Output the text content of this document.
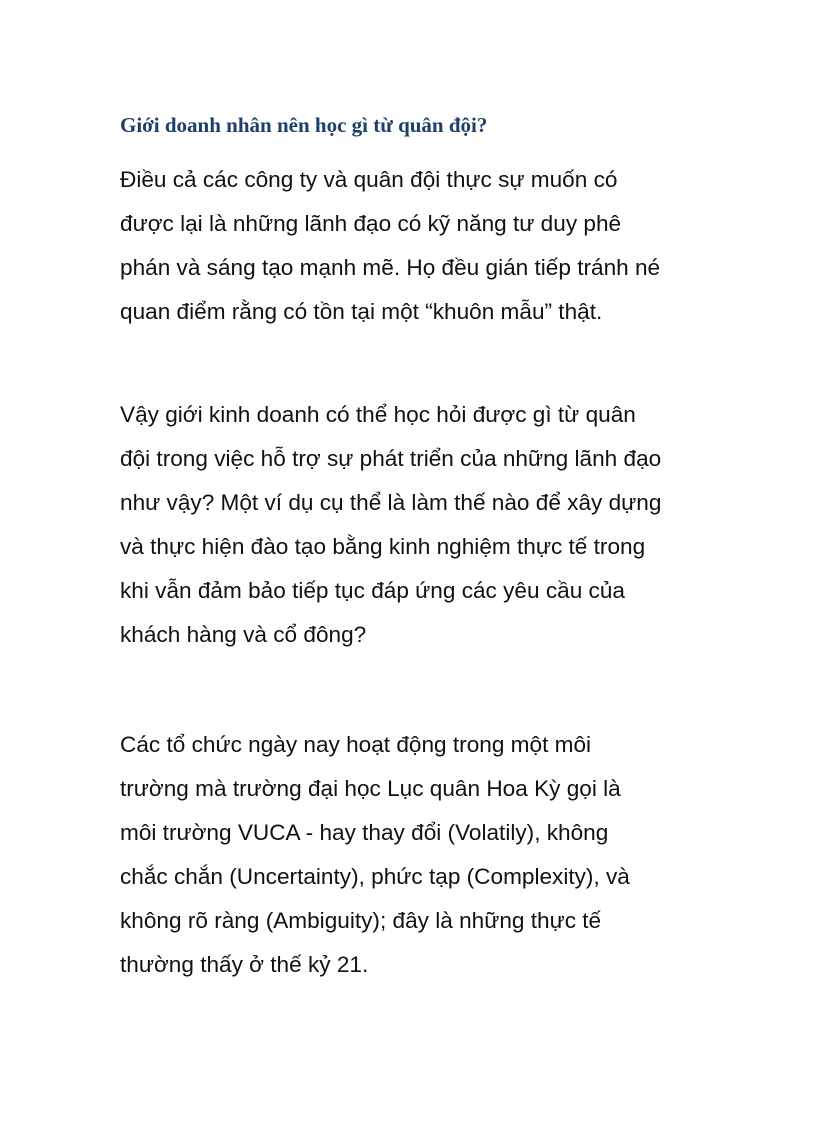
Giới doanh nhân nên học gì từ quân đội?

Điều cả các công ty và quân đội thực sự muốn có
được lại là những lãnh đạo có kỹ năng tư duy phê
phán và sáng tạo mạnh mẽ. Họ đều gián tiếp tránh né
quan điểm rằng có tồn tại một “khuôn mẫu” thật.

Vậy giới kinh doanh có thể học hỏi được gì từ quân
đội trong việc hỗ trợ sự phát triển của những lãnh đạo
như vậy? Một ví dụ cụ thể là làm thế nào để xây dựng
và thực hiện đào tạo bằng kinh nghiệm thực tế trong
khi vẫn đảm bảo tiếp tục đáp ứng các yêu cầu của
khách hàng và cổ đông?

Các tổ chức ngày nay hoạt động trong một môi
trường mà trường đại học Lục quân Hoa Kỳ gọi là
môi trường VUCA - hay thay đổi (Volatily), không
chắc chắn (Uncertainty), phức tạp (Complexity), và
không rõ ràng (Ambiguity); đây là những thực tế
thường thấy ở thế kỷ 21.
